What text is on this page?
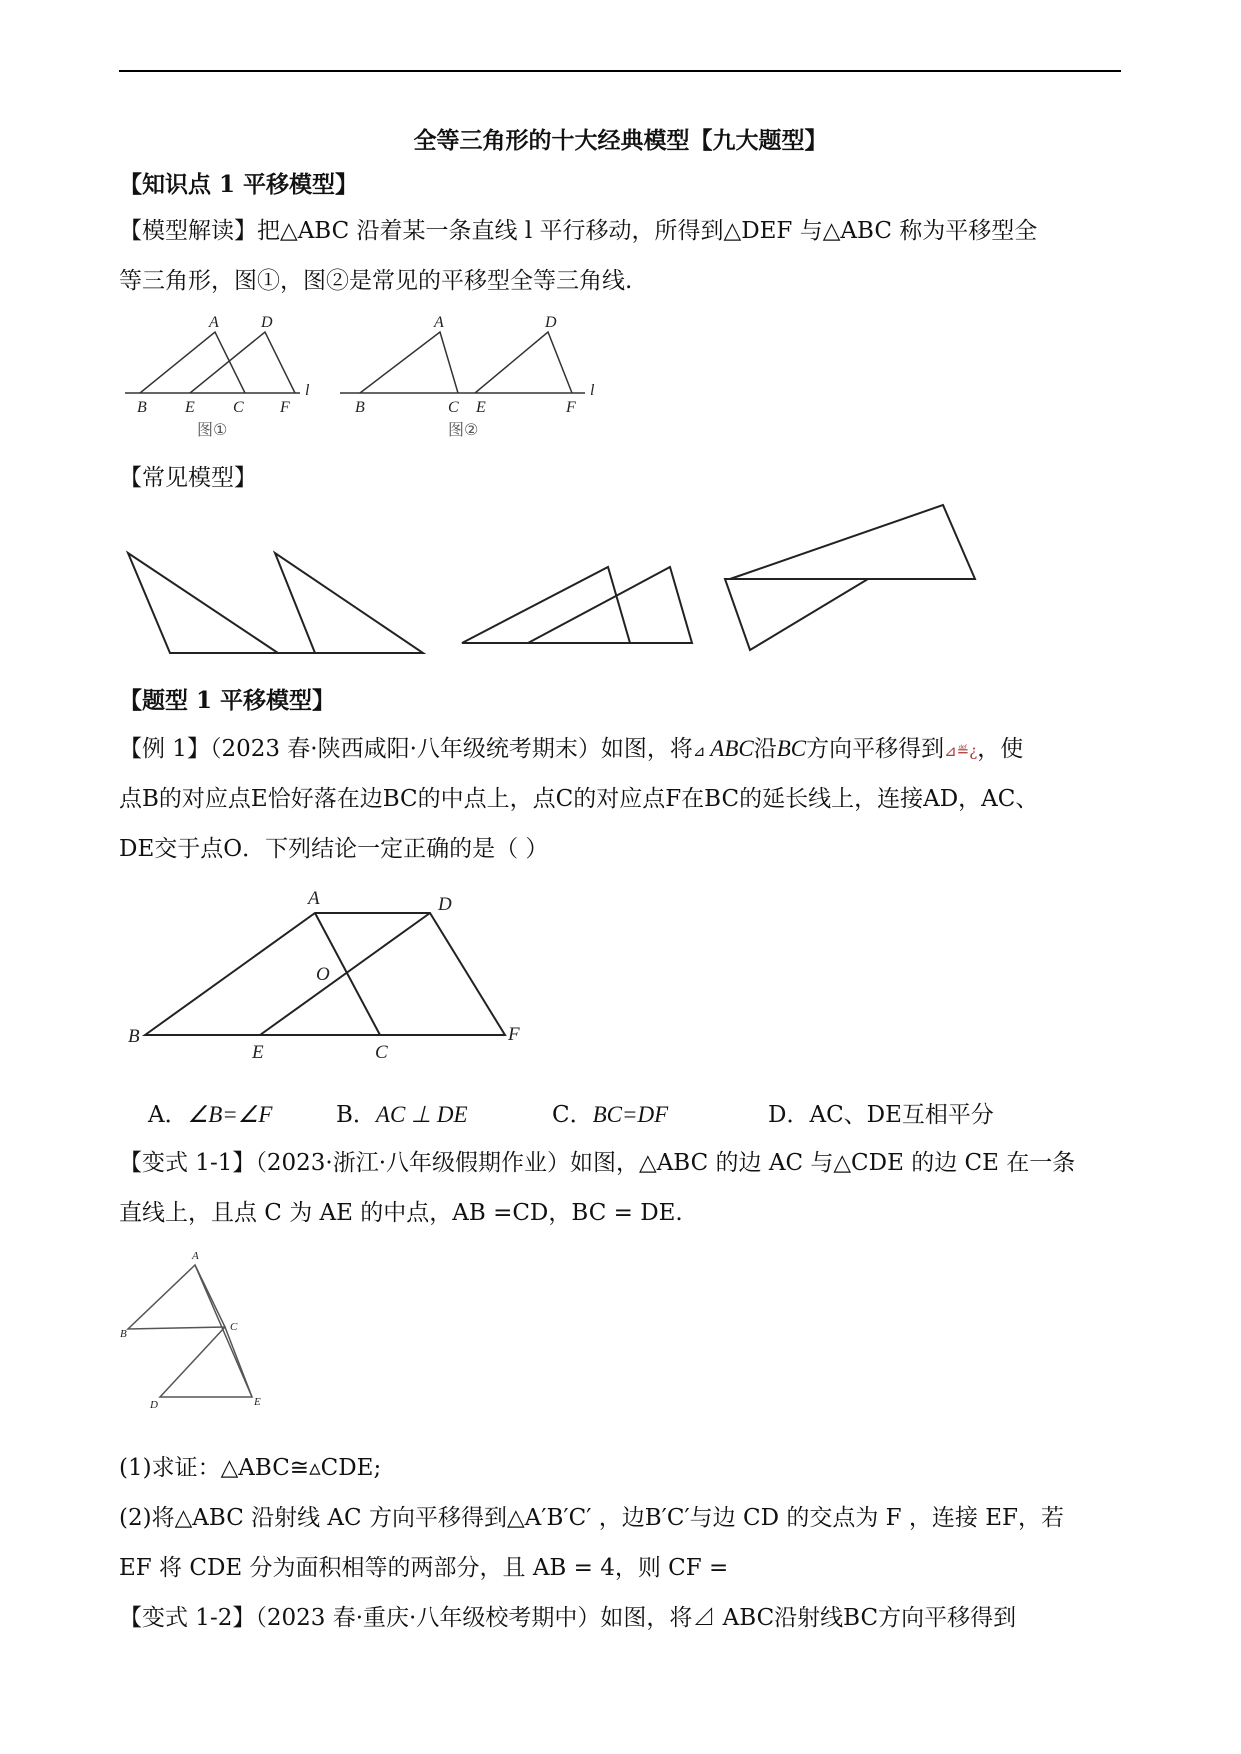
全等三角形的十大经典模型【九大题型】
【知识点 1 平移模型】
【模型解读】把△ABC 沿着某一条直线 l 平行移动，所得到△DEF 与△ABC 称为平移型全
等三角形，图①，图②是常见的平移型全等三角线.
A	D
B E C F
l
图①
A	D
B	C E	F
l
图②
【常见模型】
【题型 1 平移模型】
【例 1】（2023 春·陕西咸阳·八年级统考期末）如图，将⊿ ABC沿BC方向平移得到⊿≝¿，使
点B的对应点E恰好落在边BC的中点上，点C的对应点F在BC的延长线上，连接AD，AC、
DE交于点O．下列结论一定正确的是（ ）
A	D
O
B
E	C
F
A．∠B=∠F	B．AC ⊥ DE	C．BC=DF	D．AC、DE互相平分
【变式 1-1】（2023·浙江·八年级假期作业）如图，△ABC 的边 AC 与△CDE 的边 CE 在一条
直线上，且点 C 为 AE 的中点，AB =CD，BC = DE.
A
B
C
D	E
(1)求证：△ABC≅▵CDE;
(2)将△ABC 沿射线 AC 方向平移得到△A′B′C′ ，边B′C′与边 CD 的交点为 F ，连接 EF，若
EF 将 CDE 分为面积相等的两部分，且 AB = 4，则 CF =
【变式 1-2】（2023 春·重庆·八年级校考期中）如图，将⊿ ABC沿射线BC方向平移得到
